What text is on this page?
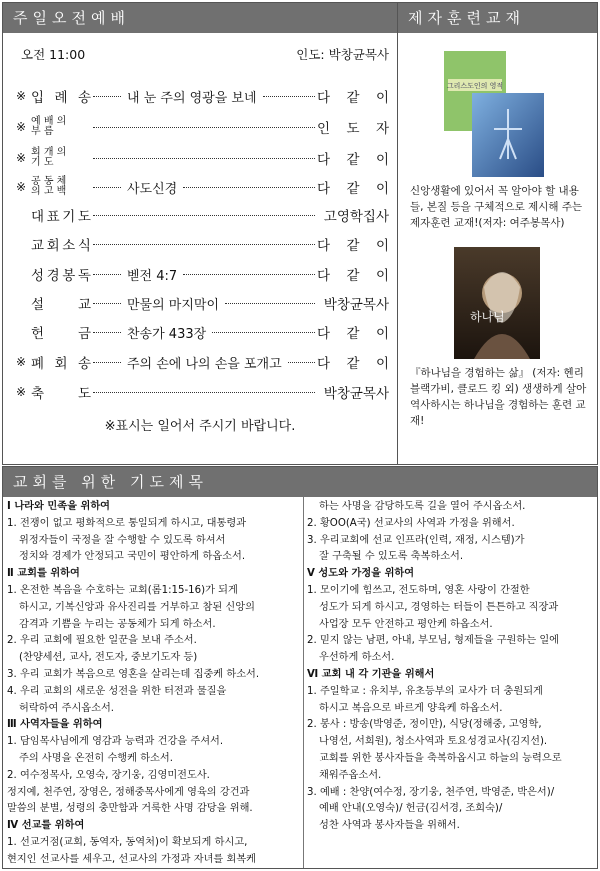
주일오전예배
오전 11:00	인도: 박창균목사
※ 입 례 송	내 눈 주의 영광을 보네	다 같 이
※ 예 배 의
부 름	인 도 자
※ 회 개 의
기 도	다 같 이
※ 공 동 체
의 고 백	사도신경	다 같 이
대 표 기 도	고영학집사
교 회 소 식	다 같 이
성 경 봉 독	벧전 4:7	다 같 이
설	교	만물의 마지막이	박창균목사
헌	금	찬송가 433장	다 같 이
※ 폐 회 송	주의 손에 나의 손을 포개고	다 같 이
※ 축	도	박창균목사
※표시는 일어서 주시기 바랍니다.
제자훈련교재
그리스도인의 영적
신앙생활에 있어서 꼭 알아야 할 내용들, 본질 등을 구체적으로 제시해 주는 제자훈련 교재!(저자: 여주봉목사)
하나님
『하나님을 경험하는 삶』 (저자: 헨리 블랙가비, 클로드 킹 외) 생생하게 살아 역사하시는 하나님을 경험하는 훈련 교재!
교회를 위한 기도제목
Ⅰ 나라와 민족을 위하여
1. 전쟁이 없고 평화적으로 통일되게 하시고, 대통령과
위정자들이 국정을 잘 수행할 수 있도록 하셔서
정치와 경제가 안정되고 국민이 평안하게 하옵소서.
Ⅱ 교회를 위하여
1. 온전한 복음을 수호하는 교회(롬1:15-16)가 되게
하시고, 기복신앙과 유사진리를 거부하고 참된 신앙의
감격과 기쁨을 누리는 공동체가 되게 하소서.
2. 우리 교회에 필요한 일꾼을 보내 주소서.
(찬양세션, 교사, 전도자, 중보기도자 등)
3. 우리 교회가 복음으로 영혼을 살리는데 집중케 하소서.
4. 우리 교회의 새로운 성전을 위한 터전과 물질을
허락하여 주시옵소서.
Ⅲ 사역자들을 위하여
1. 담임목사님에게 영감과 능력과 건강을 주셔서.
주의 사명을 온전히 수행케 하소서.
2. 여수정목사, 오영숙, 장기웅, 김영미전도사.
정지예, 천주연, 장영은, 정해중목사에게 영육의 강건과
말씀의 분별, 성령의 충만함과 거룩한 사명 감당을 위해.
Ⅳ 선교를 위하여
1. 선교거점(교회, 동역자, 동역처)이 확보되게 하시고,
현지인 선교사를 세우고, 선교사의 가정과 자녀를 회복케
하는 사명을 감당하도록 길을 열어 주시옵소서.
2. 황OO(A국) 선교사의 사역과 가정을 위해서.
3. 우리교회에 선교 인프라(인력, 재정, 시스템)가
잘 구축될 수 있도록 축복하소서.
Ⅴ 성도와 가정을 위하여
1. 모이기에 힘쓰고, 전도하며, 영혼 사랑이 간절한
성도가 되게 하시고, 경영하는 터들이 튼튼하고 직장과
사업장 모두 안전하고 평안케 하옵소서.
2. 믿지 않는 남편, 아내, 부모님, 형제들을 구원하는 일에
우선하게 하소서.
Ⅵ 교회 내 각 기관을 위해서
1. 주일학교 : 유치부, 유초등부의 교사가 더 충원되게
하시고 복음으로 바르게 양육케 하옵소서.
2. 봉사 : 방송(박영준, 정이만), 식당(정해중, 고영학,
나영선, 서희원), 청소사역과 토요성경교사(김지선).
교회를 위한 봉사자들을 축복하옵시고 하늘의 능력으로
채워주옵소서.
3. 예배 : 찬양(여수정, 장기웅, 천주연, 박영준, 박은서)/
예배 안내(오영숙)/ 헌금(김서경, 조희숙)/
성찬 사역과 봉사자들을 위해서.
